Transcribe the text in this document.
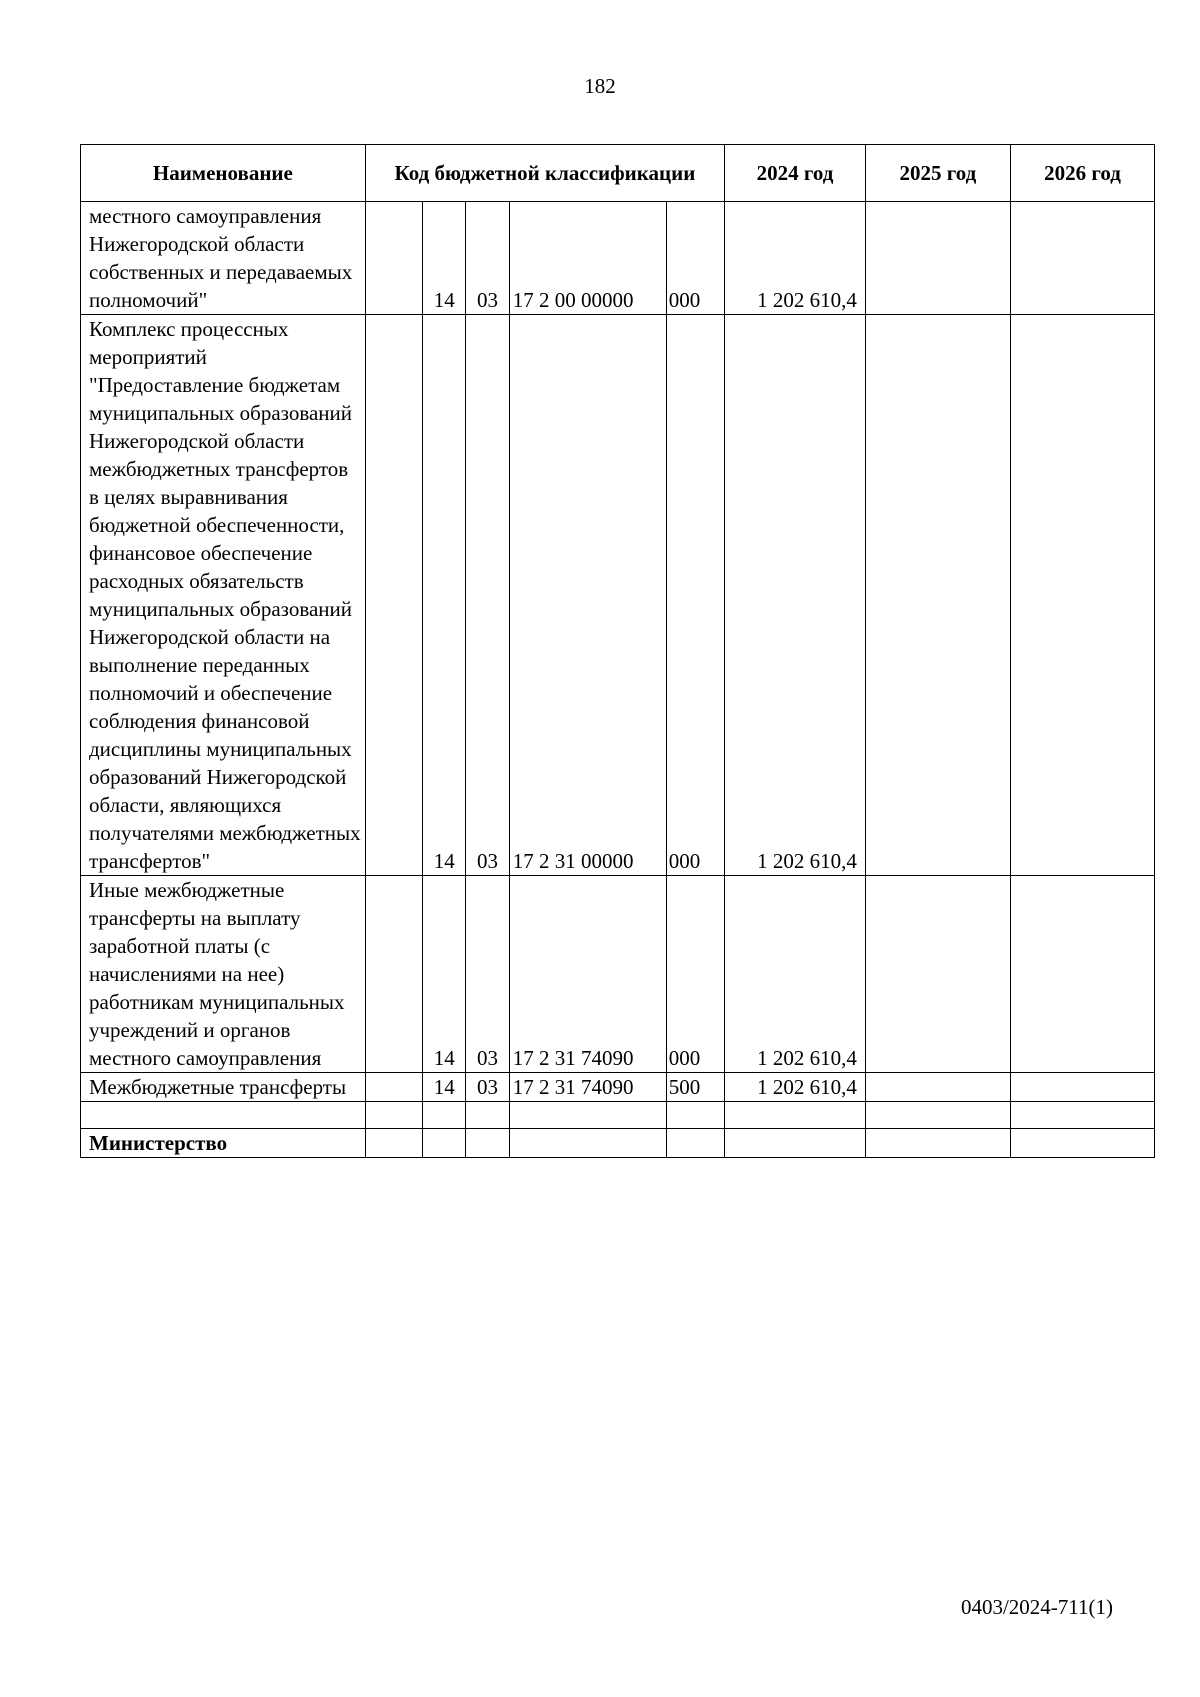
182
Наименование	Код бюджетной классификации					2024 год	2025 год	2026 год
местного самоуправления Нижегородской области собственных и передаваемых полномочий"		14	03	17 2 00 00000	000	1 202 610,4		
Комплекс процессных мероприятий "Предоставление бюджетам муниципальных образований Нижегородской области межбюджетных трансфертов в целях выравнивания бюджетной обеспеченности, финансовое обеспечение расходных обязательств муниципальных образований Нижегородской области на выполнение переданных полномочий и обеспечение соблюдения финансовой дисциплины муниципальных образований Нижегородской области, являющихся получателями межбюджетных трансфертов"		14	03	17 2 31 00000	000	1 202 610,4		
Иные межбюджетные трансферты на выплату заработной платы (с начислениями на нее) работникам муниципальных учреждений и органов местного самоуправления		14	03	17 2 31 74090	000	1 202 610,4		
Межбюджетные трансферты		14	03	17 2 31 74090	500	1 202 610,4		

Министерство								
0403/2024-711(1)
